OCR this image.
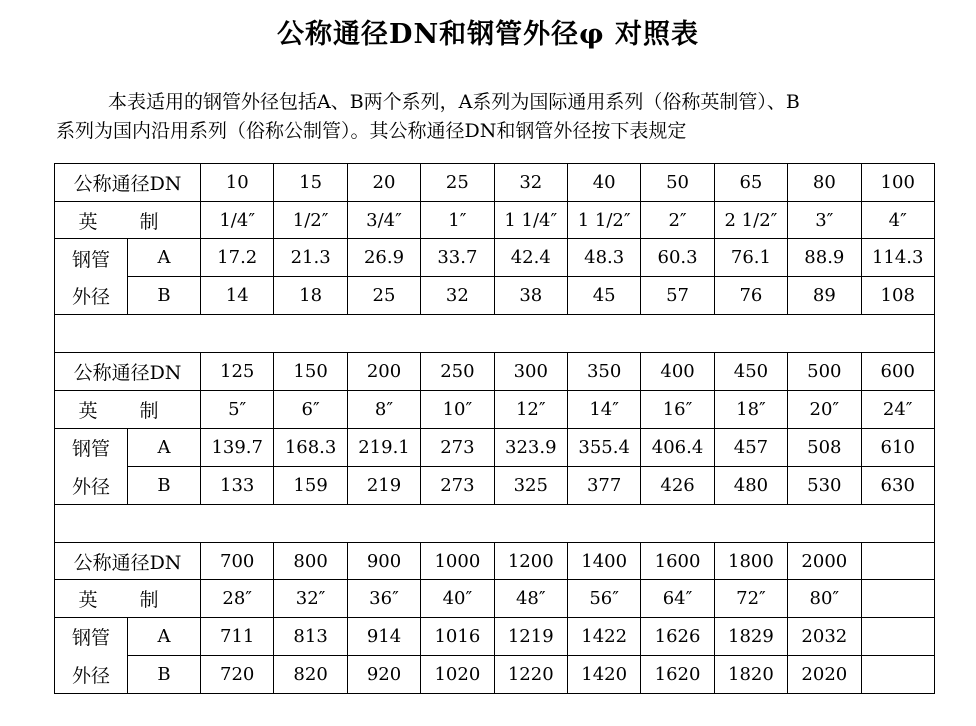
公称通径DN和钢管外径φ 对照表
本表适用的钢管外径包括A、B两个系列，A系列为国际通用系列（俗称英制管）、B
系列为国内沿用系列（俗称公制管）。其公称通径DN和钢管外径按下表规定
公称通径DN		10	15	20	25	32	40	50	65	80	100
英 制		1/4″	1/2″	3/4″	1″	1 1/4″	1 1/2″	2″	2 1/2″	3″	4″

钢管
外径	A	17.2	21.3	26.9	33.7	42.4	48.3	60.3	76.1	88.9	114.3
	B	14	18	25	32	38	45	57	76	89	108

公称通径DN		125	150	200	250	300	350	400	450	500	600
英 制		5″	6″	8″	10″	12″	14″	16″	18″	20″	24″

钢管
外径	A	139.7	168.3	219.1	273	323.9	355.4	406.4	457	508	610
	B	133	159	219	273	325	377	426	480	530	630

公称通径DN		700	800	900	1000	1200	1400	1600	1800	2000	
英 制		28″	32″	36″	40″	48″	56″	64″	72″	80″	

钢管
外径	A	711	813	914	1016	1219	1422	1626	1829	2032	
	B	720	820	920	1020	1220	1420	1620	1820	2020	
